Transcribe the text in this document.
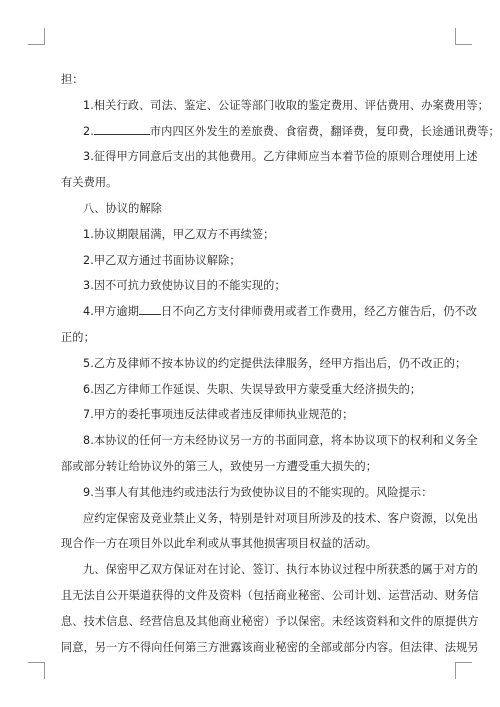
担：

1.相关行政、司法、鉴定、公证等部门收取的鉴定费用、评估费用、办案费用等；

2.	市内四区外发生的差旅费、食宿费，翻译费，复印费，长途通讯费等；

3.征得甲方同意后支出的其他费用。乙方律师应当本着节俭的原则合理使用上述

有关费用。

八、协议的解除

1.协议期限届满，甲乙双方不再续签；

2.甲乙双方通过书面协议解除；

3.因不可抗力致使协议目的不能实现的；

4.甲方逾期 日不向乙方支付律师费用或者工作费用，经乙方催告后，仍不改

正的；

5.乙方及律师不按本协议的约定提供法律服务，经甲方指出后，仍不改正的；

6.因乙方律师工作延误、失职、失误导致甲方蒙受重大经济损失的；

7.甲方的委托事项违反法律或者违反律师执业规范的；

8.本协议的任何一方未经协议另一方的书面同意，将本协议项下的权利和义务全

部或部分转让给协议外的第三人，致使另一方遭受重大损失的；

9.当事人有其他违约或违法行为致使协议目的不能实现的。风险提示：

应约定保密及竞业禁止义务，特别是针对项目所涉及的技术、客户资源，以免出

现合作一方在项目外以此牟利或从事其他损害项目权益的活动。

九、保密甲乙双方保证对在讨论、签订、执行本协议过程中所获悉的属于对方的

且无法自公开渠道获得的文件及资料（包括商业秘密、公司计划、运营活动、财务信

息、技术信息、经营信息及其他商业秘密）予以保密。未经该资料和文件的原提供方

同意，另一方不得向任何第三方泄露该商业秘密的全部或部分内容。但法律、法规另
